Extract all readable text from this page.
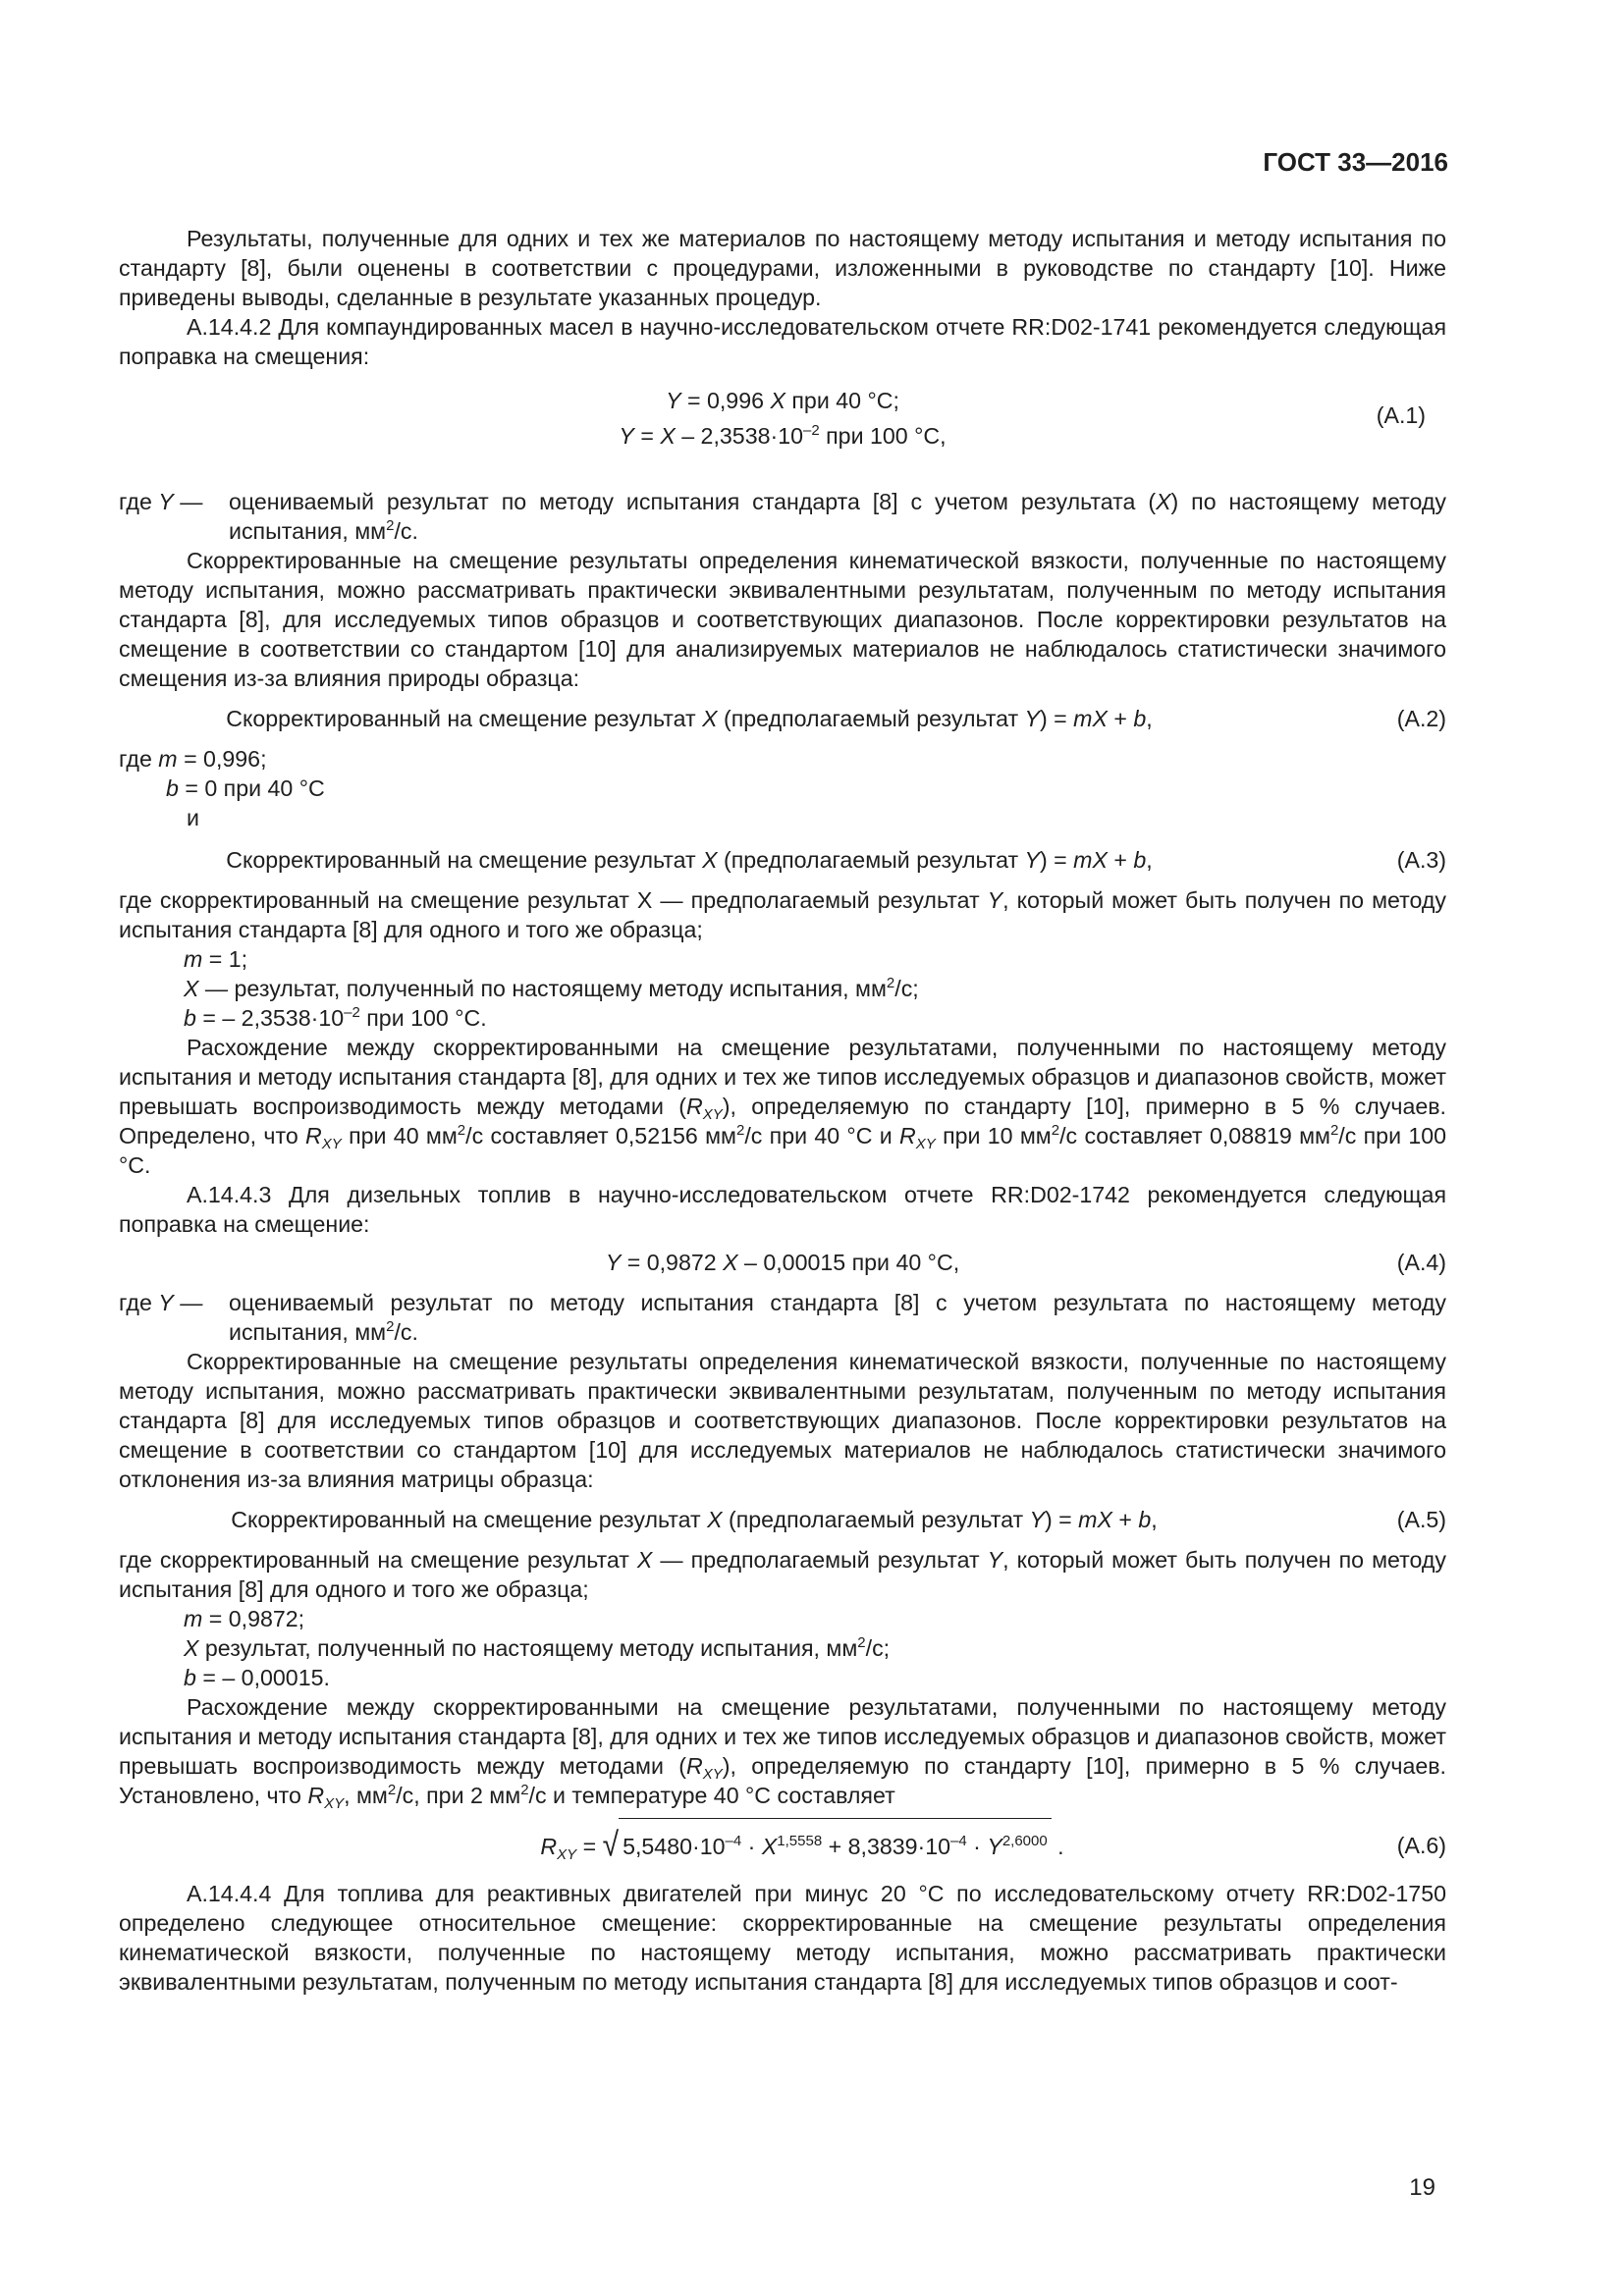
ГОСТ 33—2016

Результаты, полученные для одних и тех же материалов по настоящему методу испытания и методу испытания по стандарту [8], были оценены в соответствии с процедурами, изложенными в руководстве по стандарту [10]. Ниже приведены выводы, сделанные в результате указанных процедур.

А.14.4.2 Для компаундированных масел в научно-исследовательском отчете RR:D02-1741 рекомендуется следующая поправка на смещения:

Y = 0,996 X при 40 °С;
$Y = X - 2,3538\cdot 10^{-2}$ при 100 °С,
(А.1)
где Y —	оцениваемый результат по методу испытания стандарта [8] с учетом результата (X) по настоящему методу испытания, $мм^2/с$.

Скорректированные на смещение результаты определения кинематической вязкости, полученные по настоящему методу испытания, можно рассматривать практически эквивалентными результатам, полученным по методу испытания стандарта [8], для исследуемых типов образцов и соответствующих диапазонов. После корректировки результатов на смещение в соответствии со стандартом [10] для анализируемых материалов не наблюдалось статистически значимого смещения из-за влияния природы образца:

Скорректированный на смещение результат X (предполагаемый результат Y) = mX + b,	(А.2)
где m = 0,996;
b = 0 при 40 °С
и
Скорректированный на смещение результат X (предполагаемый результат Y) = mX + b,	(А.3)

где скорректированный на смещение результат Х — предполагаемый результат Y, который может быть получен по методу испытания стандарта [8] для одного и того же образца;

m = 1;
X — результат, полученный по настоящему методу испытания, $мм^2/с$;
b = – $2,3538\cdot 10^{-2}$ при 100 °С.

Расхождение между скорректированными на смещение результатами, полученными по настоящему методу испытания и методу испытания стандарта [8], для одних и тех же типов исследуемых образцов и диапазонов свойств, может превышать воспроизводимость между методами $(R_{XY})$, определяемую по стандарту [10], примерно в 5 % случаев. Определено, что $R_{XY}$ при 40 $мм^2/с$ составляет 0,52156 $мм^2/с$ при 40 °С и $R_{XY}$ при 10 $мм^2/с$ составляет 0,08819 $мм^2/с$ при 100 °С.

А.14.4.3 Для дизельных топлив в научно-исследовательском отчете RR:D02-1742 рекомендуется следующая поправка на смещение:

Y = 0,9872 X – 0,00015 при 40 °С,	(А.4)
где Y —	оцениваемый результат по методу испытания стандарта [8] с учетом результата по настоящему методу испытания, $мм^2/с$.

Скорректированные на смещение результаты определения кинематической вязкости, полученные по настоящему методу испытания, можно рассматривать практически эквивалентными результатам, полученным по методу испытания стандарта [8] для исследуемых типов образцов и соответствующих диапазонов. После корректировки результатов на смещение в соответствии со стандартом [10] для исследуемых материалов не наблюдалось статистически значимого отклонения из-за влияния матрицы образца:

Скорректированный на смещение результат X (предполагаемый результат Y) = mX + b,	(А.5)

где скорректированный на смещение результат X — предполагаемый результат Y, который может быть получен по методу испытания [8] для одного и того же образца;

m = 0,9872;
X результат, полученный по настоящему методу испытания, $мм^2/с$;
b = – 0,00015.

Расхождение между скорректированными на смещение результатами, полученными по настоящему методу испытания и методу испытания стандарта [8], для одних и тех же типов исследуемых образцов и диапазонов свойств, может превышать воспроизводимость между методами $(R_{XY})$, определяемую по стандарту [10], примерно в 5 % случаев. Установлено, что $R_{XY}$, $мм^2/с$, при 2 $мм^2/с$ и температуре 40 °С составляет

$R_{XY}$ = √ $5,5480\cdot 10^{-4} \cdot X^{1,5558} + 8,3839\cdot 10^{-4} \cdot Y^{2,6000}$ .	(А.6)

А.14.4.4 Для топлива для реактивных двигателей при минус 20 °С по исследовательскому отчету RR:D02-1750 определено следующее относительное смещение: скорректированные на смещение результаты определения кинематической вязкости, полученные по настоящему методу испытания, можно рассматривать практически эквивалентными результатам, полученным по методу испытания стандарта [8] для исследуемых типов образцов и соот-

19
